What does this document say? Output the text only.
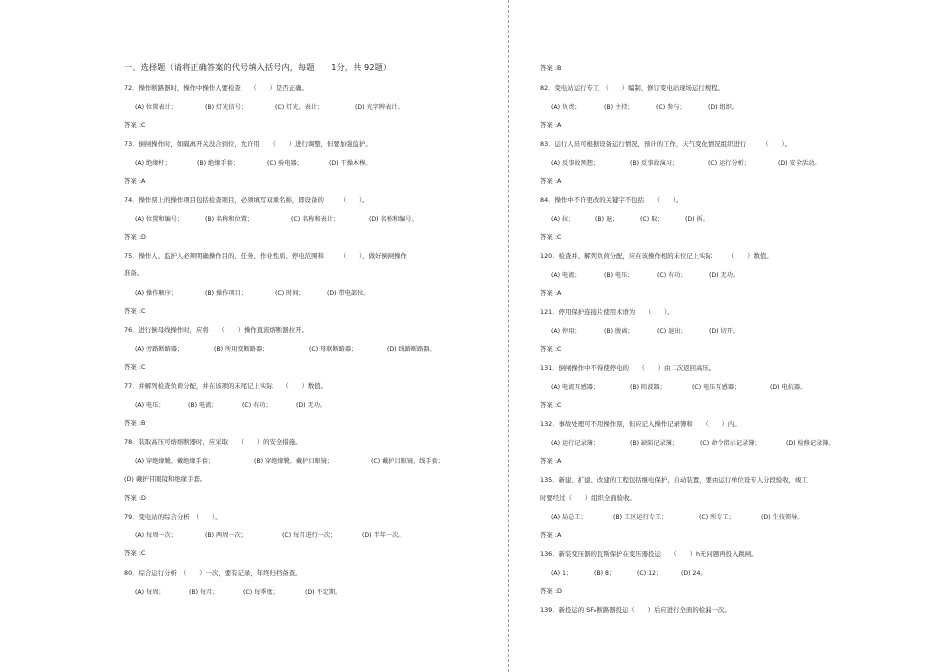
一、选择题（请将正确答案的代号填入括号内，每题　　1分，共 92题）
72．操作断路器时，操作中操作人要检查　　（　　）是否正确。
(A) 位置表计；	(B) 灯光信号；	(C) 灯光、表计；	(D) 光字牌表计。
答案 :C
73．倒闸操作时，如隔离开关没合到位，允许用　　（　　）进行调整，但要加强监护。
(A) 绝缘杆；	(B) 绝缘手套；	(C) 验电器；	(D) 干燥木棒。
答案 :A
74．操作票上的操作项目包括检查项目，必须填写双重名称，即设备的　　　（　　）。
(A) 位置和编号；	(B) 名称和位置；	(C) 名称和表计；	(D) 名称和编号。
答案 :D
75．操作人、监护人必须明确操作目的、任务、作业性质、停电范围和　　　（　　），做好倒闸操作
准备。
(A) 操作顺序；	(B) 操作项目；	(C) 时间；	(D) 带电部位。
答案 :C
76．进行倒母线操作时，应将　　（　　）操作直流熔断器拉开。
(A) 旁路断路器；	(B) 所用变断路器；	(C) 母联断路器；	(D) 线路断路器。
答案 :C
77．并解列检查负荷分配，并在该项的末尾记上实际　　（　　）数值。
(A) 电压；	(B) 电流；	(C) 有功；	(D) 无功。
答案 :B
78．装取高压可熔熔断器时，应采取　　（　　）的安全措施。
(A) 穿绝缘靴、戴绝缘手套；	(B) 穿绝缘靴、戴护目眼镜；	(C) 戴护目眼镜、线手套；
(D) 戴护目眼镜和绝缘手套。
答案 :D
79．变电站的综合分析　（　　）。
(A) 每周一次；	(B) 两周一次；	(C) 每月进行一次；	(D) 半年一次。
答案 :C
80．综合运行分析　（　　）一次，要有记录，年终归档备查。
(A) 每周；	(B) 每月；	(C) 每季度；	(D) 不定期。
答案 :B
82．变电站运行专工　（　　）编制、修订变电站现场运行规程。
(A) 负责；	(B) 主持；	(C) 参与；	(D) 组织。
答案 :A
83．运行人员可根据设备运行情况，预计的工作，天气变化情况组织进行　　　（　　）。
(A) 反事故预想；	(B) 反事故演习；	(C) 运行分析；	(D) 安全活动。
答案 :A
84．操作中不许更改的关键字不包括　　（　　）。
(A) 拉；	(B) 退；	(C) 取；	(D) 拆。
答案 :C
120．检查并、解列负荷分配，应在该操作相的末位记上实际　　　（　　）数值。
(A) 电流；	(B) 电压；	(C) 有功；	(D) 无功。
答案 :A
121．停用保护连接片使用术语为　　（　　）。
(A) 停用；	(B) 脱离；	(C) 退出；	(D) 切开。
答案 :C
131．倒闸操作中不得使停电的　　（　　）由二次返回高压。
(A) 电流互感器；	(B) 阻波器；	(C) 电压互感器；	(D) 电抗器。
答案 :C
132．事故处理可不用操作票，但应记入操作记录簿和　　（　　）内。
(A) 运行记录簿；	(B) 缺陷记录簿；	(C) 命令指示记录簿；	(D) 检修记录簿。
答案 :A
135．新建、扩建、改建的工程包括继电保护，自动装置，要由运行单位设专人分段验收，竣工
时要经过（　　）组织全面验收。
(A) 局总工；	(B) 工区运行专工；	(C) 所专工；	(D) 生技领导。
答案 :A
136．新装变压器的瓦斯保护在变压器投运　　（　　）h无问题再投入跳闸。
(A) 1；	(B) 8；	(C) 12；	(D) 24。
答案 :D
139．新投运的 SF₆断路器投运（　　）后应进行全面的检漏一次。
